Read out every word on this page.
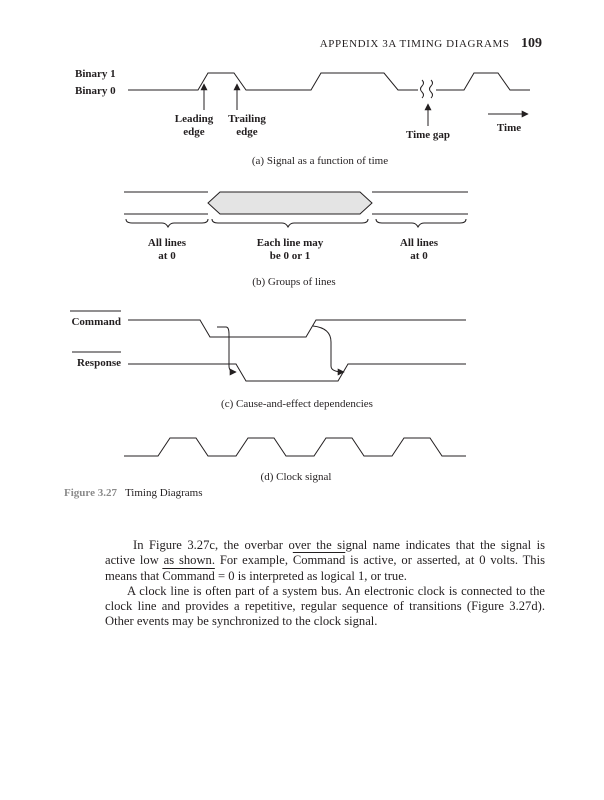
APPENDIX 3A TIMING DIAGRAMS 109
Binary 1
Binary 0
Leading
edge
Trailing
edge	Time gap
Time
(a) Signal as a function of time
All lines
at 0
Each line may
be 0 or 1
All lines
at 0
(b) Groups of lines
Command
Response
(c) Cause-and-effect dependencies
(d) Clock signal
Figure 3.27 Timing Diagrams

In Figure 3.27c, the overbar over the signal name indicates that the signal is active low as shown. For example, Command is active, or asserted, at 0 volts. This means that Command = 0 is interpreted as logical 1, or true.

A clock line is often part of a system bus. An electronic clock is connected to the clock line and provides a repetitive, regular sequence of transitions (Figure 3.27d). Other events may be synchronized to the clock signal.
